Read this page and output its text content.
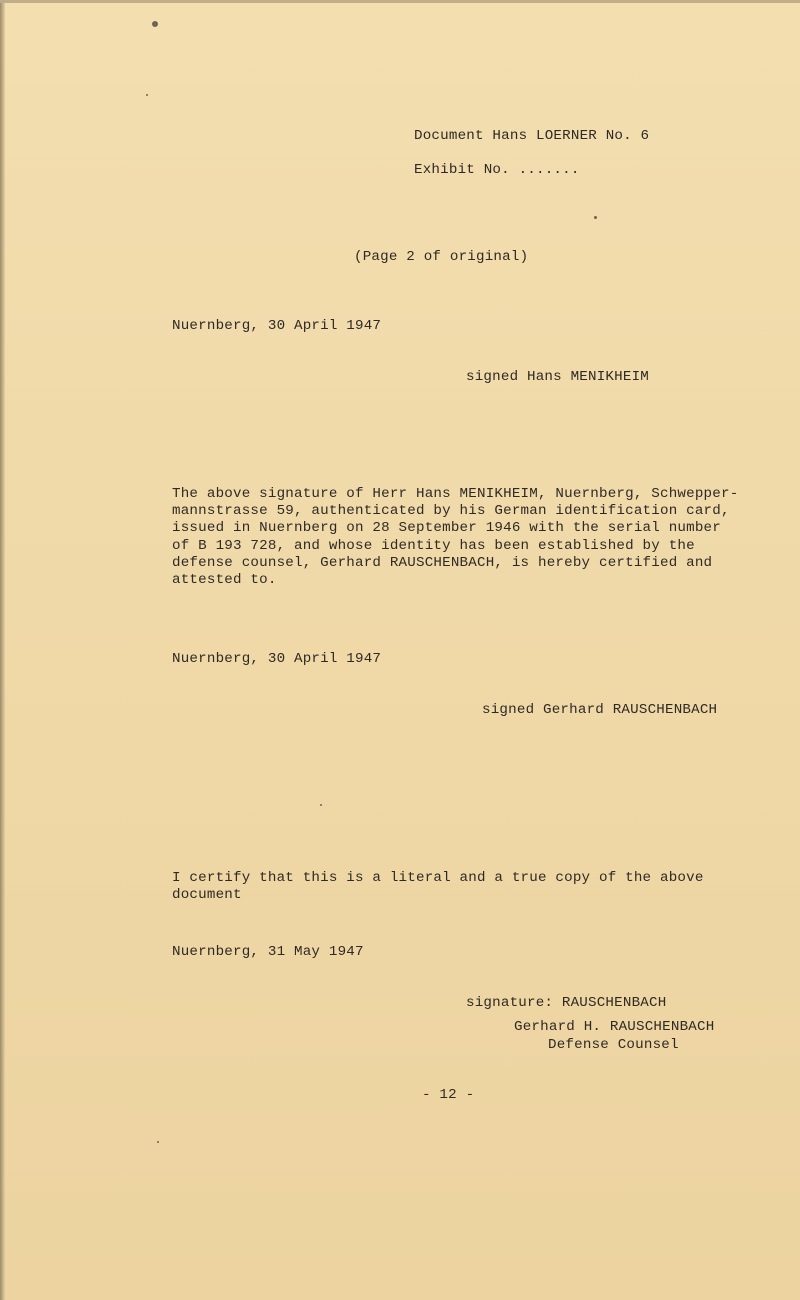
Document Hans LOERNER No. 6
Exhibit No. .......
(Page 2 of original)
Nuernberg, 30 April 1947
signed Hans MENIKHEIM
The above signature of Herr Hans MENIKHEIM, Nuernberg, Schwepper-
mannstrasse 59, authenticated by his German identification card,
issued in Nuernberg on 28 September 1946 with the serial number
of B 193 728, and whose identity has been established by the
defense counsel, Gerhard RAUSCHENBACH, is hereby certified and
attested to.
Nuernberg, 30 April 1947
signed Gerhard RAUSCHENBACH
I certify that this is a literal and a true copy of the above
document
Nuernberg, 31 May 1947
signature: RAUSCHENBACH
Gerhard H. RAUSCHENBACH
Defense Counsel
- 12 -
